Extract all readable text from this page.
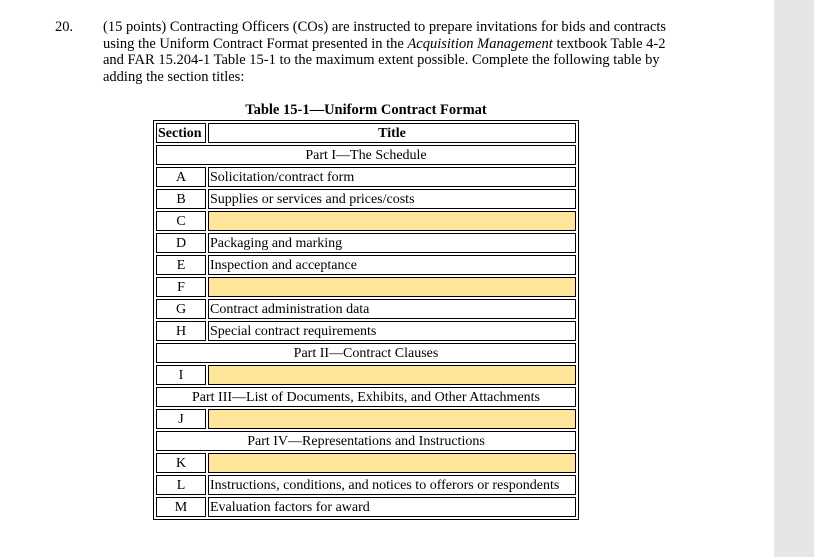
20. (15 points) Contracting Officers (COs) are instructed to prepare invitations for bids and contracts using the Uniform Contract Format presented in the Acquisition Management textbook Table 4-2 and FAR 15.204-1 Table 15-1 to the maximum extent possible. Complete the following table by adding the section titles:
Table 15-1—Uniform Contract Format
Section	Title
Part I—The Schedule	
A	Solicitation/contract form
B	Supplies or services and prices/costs
C	
D	Packaging and marking
E	Inspection and acceptance
F	
G	Contract administration data
H	Special contract requirements
Part II—Contract Clauses	
I	
Part III—List of Documents, Exhibits, and Other Attachments	
J	
Part IV—Representations and Instructions	
K	
L	Instructions, conditions, and notices to offerors or respondents
M	Evaluation factors for award
